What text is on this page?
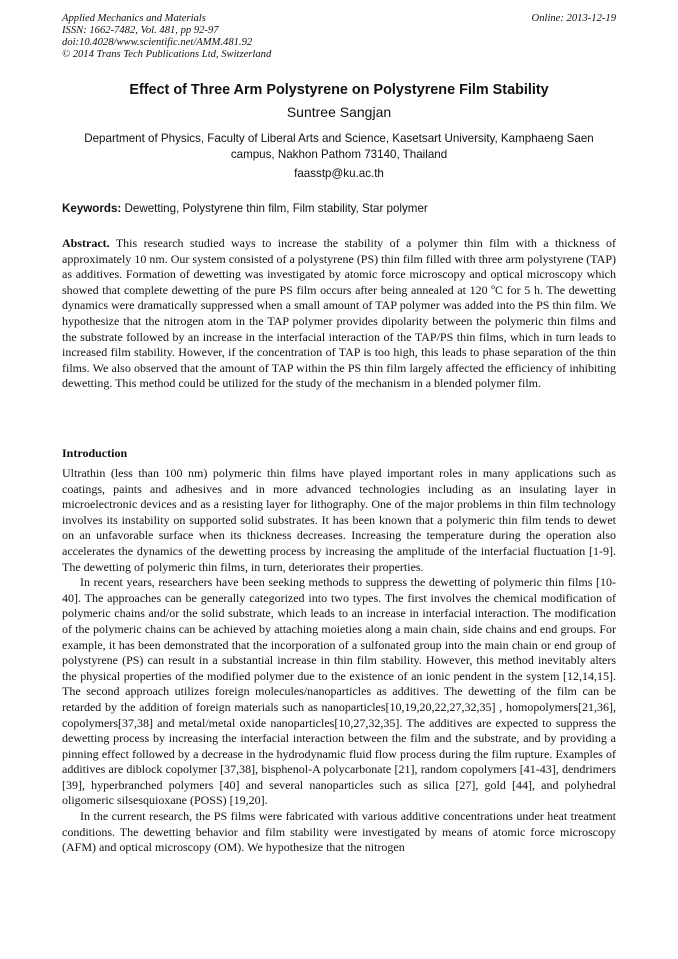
Applied Mechanics and Materials
ISSN: 1662-7482, Vol. 481, pp 92-97
doi:10.4028/www.scientific.net/AMM.481.92
© 2014 Trans Tech Publications Ltd, Switzerland
Online: 2013-12-19
Effect of Three Arm Polystyrene on Polystyrene Film Stability
Suntree Sangjan
Department of Physics, Faculty of Liberal Arts and Science, Kasetsart University, Kamphaeng Saen campus, Nakhon Pathom 73140, Thailand
faasstp@ku.ac.th
Keywords: Dewetting, Polystyrene thin film, Film stability, Star polymer
Abstract. This research studied ways to increase the stability of a polymer thin film with a thickness of approximately 10 nm. Our system consisted of a polystyrene (PS) thin film filled with three arm polystyrene (TAP) as additives. Formation of dewetting was investigated by atomic force microscopy and optical microscopy which showed that complete dewetting of the pure PS film occurs after being annealed at 120 ºC for 5 h. The dewetting dynamics were dramatically suppressed when a small amount of TAP polymer was added into the PS thin film. We hypothesize that the nitrogen atom in the TAP polymer provides dipolarity between the polymeric thin films and the substrate followed by an increase in the interfacial interaction of the TAP/PS thin films, which in turn leads to increased film stability. However, if the concentration of TAP is too high, this leads to phase separation of the thin films. We also observed that the amount of TAP within the PS thin film largely affected the efficiency of inhibiting dewetting. This method could be utilized for the study of the mechanism in a blended polymer film.
Introduction

Ultrathin (less than 100 nm) polymeric thin films have played important roles in many applications such as coatings, paints and adhesives and in more advanced technologies including as an insulating layer in microelectronic devices and as a resisting layer for lithography. One of the major problems in thin film technology involves its instability on supported solid substrates. It has been known that a polymeric thin film tends to dewet on an unfavorable surface when its thickness decreases. Increasing the temperature during the operation also accelerates the dynamics of the dewetting process by increasing the amplitude of the interfacial fluctuation [1-9]. The dewetting of polymeric thin films, in turn, deteriorates their properties.

In recent years, researchers have been seeking methods to suppress the dewetting of polymeric thin films [10-40]. The approaches can be generally categorized into two types. The first involves the chemical modification of polymeric chains and/or the solid substrate, which leads to an increase in interfacial interaction. The modification of the polymeric chains can be achieved by attaching moieties along a main chain, side chains and end groups. For example, it has been demonstrated that the incorporation of a sulfonated group into the main chain or end group of polystyrene (PS) can result in a substantial increase in thin film stability. However, this method inevitably alters the physical properties of the modified polymer due to the existence of an ionic pendent in the system [12,14,15]. The second approach utilizes foreign molecules/nanoparticles as additives. The dewetting of the film can be retarded by the addition of foreign materials such as nanoparticles[10,19,20,22,27,32,35] , homopolymers[21,36], copolymers[37,38] and metal/metal oxide nanoparticles[10,27,32,35]. The additives are expected to suppress the dewetting process by increasing the interfacial interaction between the film and the substrate, and by providing a pinning effect followed by a decrease in the hydrodynamic fluid flow process during the film rupture. Examples of additives are diblock copolymer [37,38], bisphenol-A polycarbonate [21], random copolymers [41-43], dendrimers [39], hyperbranched polymers [40] and several nanoparticles such as silica [27], gold [44], and polyhedral oligomeric silsesquioxane (POSS) [19,20].

In the current research, the PS films were fabricated with various additive concentrations under heat treatment conditions. The dewetting behavior and film stability were investigated by means of atomic force microscopy (AFM) and optical microscopy (OM). We hypothesize that the nitrogen
